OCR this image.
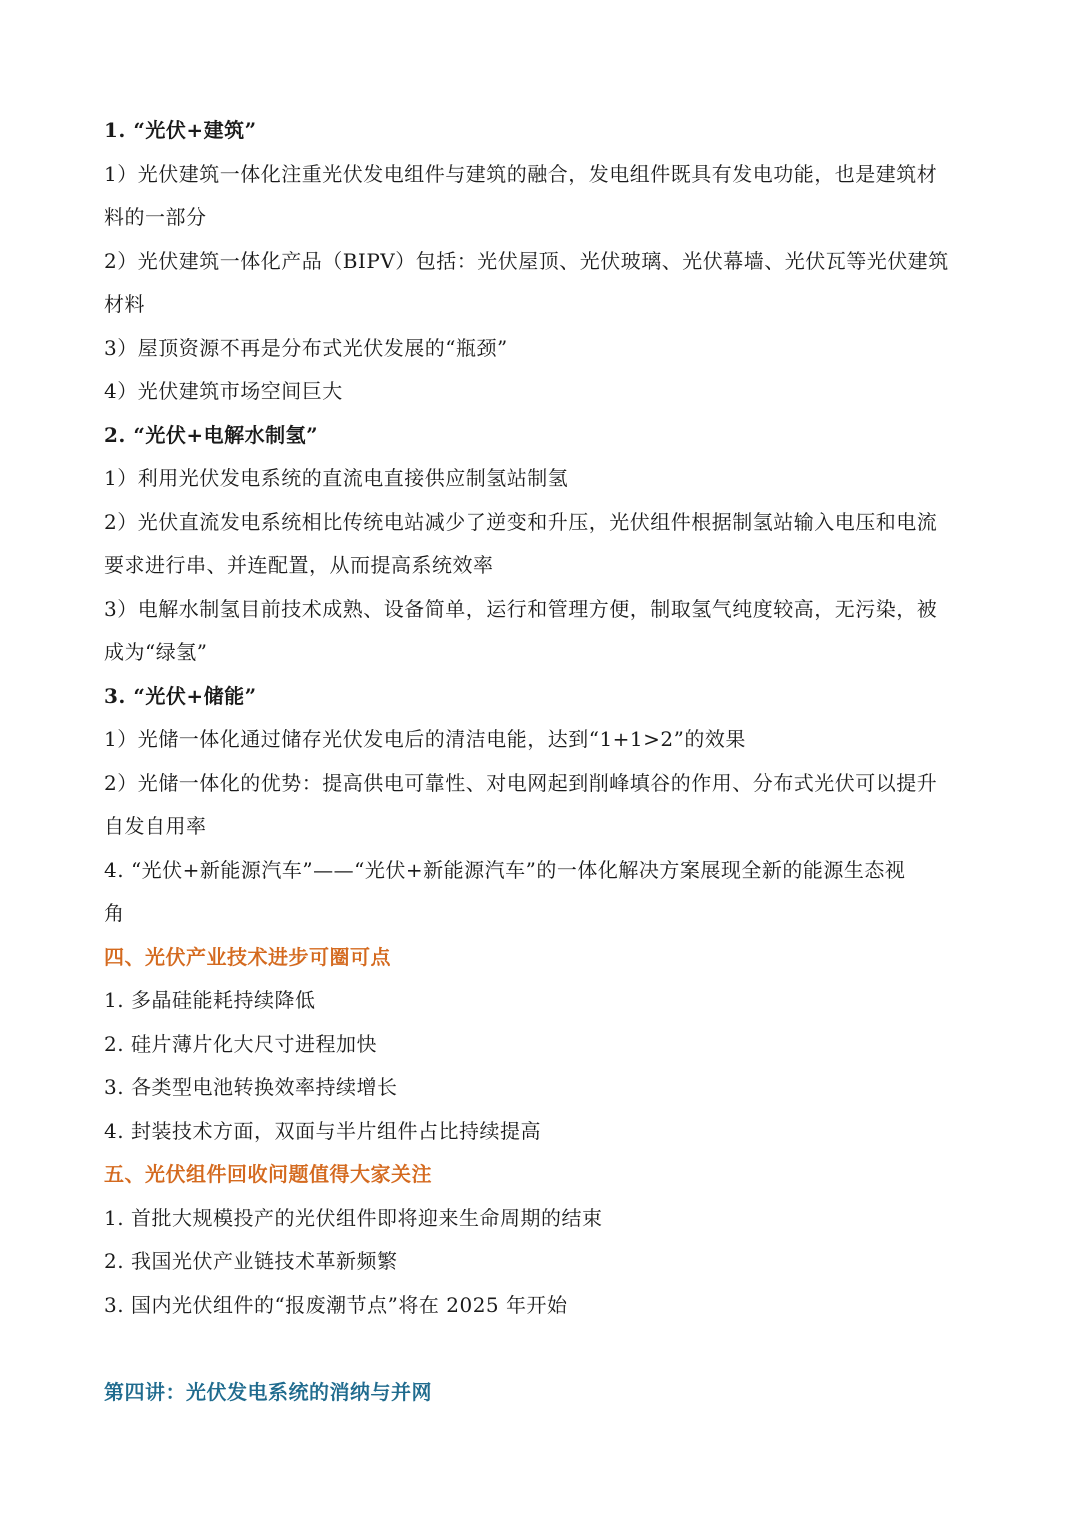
1. “光伏+建筑”
1）光伏建筑一体化注重光伏发电组件与建筑的融合，发电组件既具有发电功能，也是建筑材
料的一部分
2）光伏建筑一体化产品（BIPV）包括：光伏屋顶、光伏玻璃、光伏幕墙、光伏瓦等光伏建筑
材料
3）屋顶资源不再是分布式光伏发展的“瓶颈”
4）光伏建筑市场空间巨大
2. “光伏+电解水制氢”
1）利用光伏发电系统的直流电直接供应制氢站制氢
2）光伏直流发电系统相比传统电站减少了逆变和升压，光伏组件根据制氢站输入电压和电流
要求进行串、并连配置，从而提高系统效率
3）电解水制氢目前技术成熟、设备简单，运行和管理方便，制取氢气纯度较高，无污染，被
成为“绿氢”
3. “光伏+储能”
1）光储一体化通过储存光伏发电后的清洁电能，达到“1+1>2”的效果
2）光储一体化的优势：提高供电可靠性、对电网起到削峰填谷的作用、分布式光伏可以提升
自发自用率
4. “光伏+新能源汽车”——“光伏+新能源汽车”的一体化解决方案展现全新的能源生态视
角
四、光伏产业技术进步可圈可点
1. 多晶硅能耗持续降低
2. 硅片薄片化大尺寸进程加快
3. 各类型电池转换效率持续增长
4. 封装技术方面，双面与半片组件占比持续提高
五、光伏组件回收问题值得大家关注
1. 首批大规模投产的光伏组件即将迎来生命周期的结束
2. 我国光伏产业链技术革新频繁
3. 国内光伏组件的“报废潮节点”将在 2025 年开始
第四讲：光伏发电系统的消纳与并网
